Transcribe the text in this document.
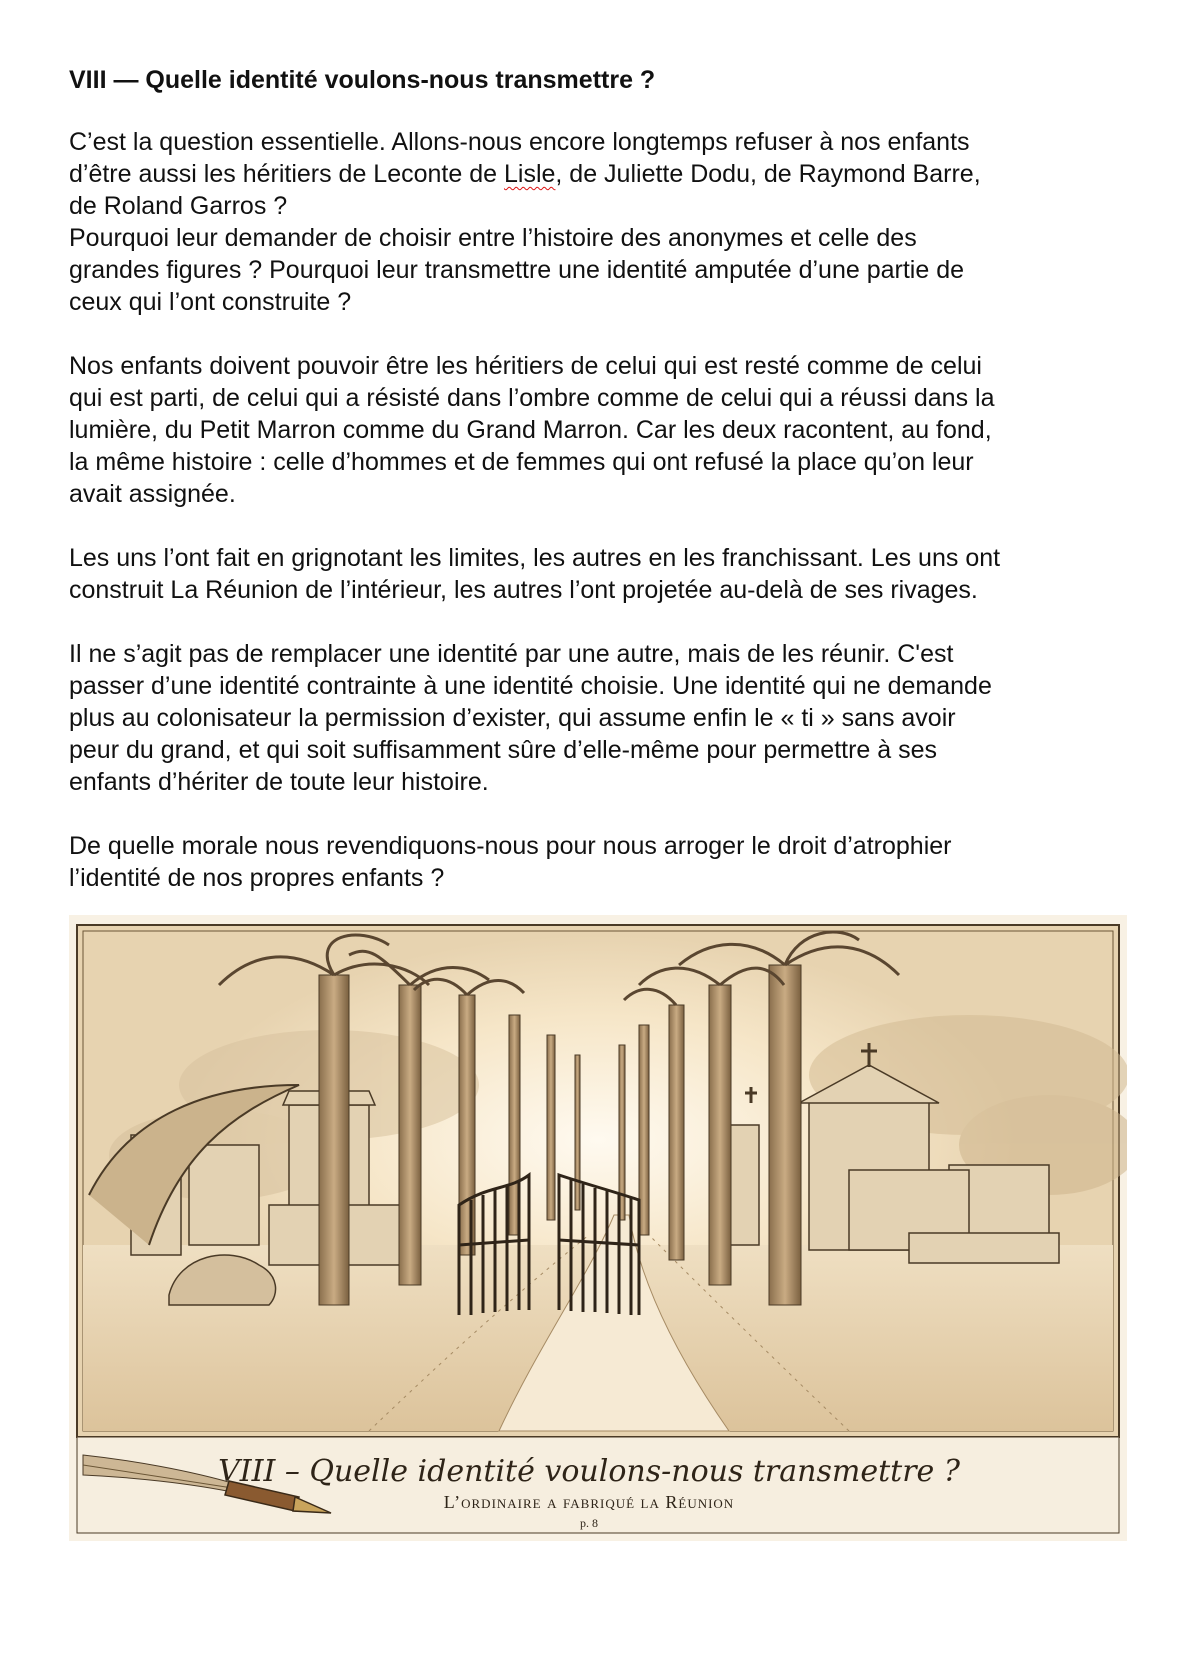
VIII — Quelle identité voulons-nous transmettre ?
C’est la question essentielle. Allons-nous encore longtemps refuser à nos enfants
d’être aussi les héritiers de Leconte de Lisle, de Juliette Dodu, de Raymond Barre,
de Roland Garros ?
Pourquoi leur demander de choisir entre l’histoire des anonymes et celle des
grandes figures ? Pourquoi leur transmettre une identité amputée d’une partie de
ceux qui l’ont construite ?
Nos enfants doivent pouvoir être les héritiers de celui qui est resté comme de celui
qui est parti, de celui qui a résisté dans l’ombre comme de celui qui a réussi dans la
lumière, du Petit Marron comme du Grand Marron. Car les deux racontent, au fond,
la même histoire : celle d’hommes et de femmes qui ont refusé la place qu’on leur
avait assignée.
Les uns l’ont fait en grignotant les limites, les autres en les franchissant. Les uns ont
construit La Réunion de l’intérieur, les autres l’ont projetée au-delà de ses rivages.
Il ne s’agit pas de remplacer une identité par une autre, mais de les réunir. C'est
passer d’une identité contrainte à une identité choisie. Une identité qui ne demande
plus au colonisateur la permission d’exister, qui assume enfin le « ti » sans avoir
peur du grand, et qui soit suffisamment sûre d’elle-même pour permettre à ses
enfants d’hériter de toute leur histoire.
De quelle morale nous revendiquons-nous pour nous arroger le droit d’atrophier
l’identité de nos propres enfants ?
VIII – Quelle identité voulons-nous transmettre ?
L’ordinaire a fabriqué la Réunion
p. 8
